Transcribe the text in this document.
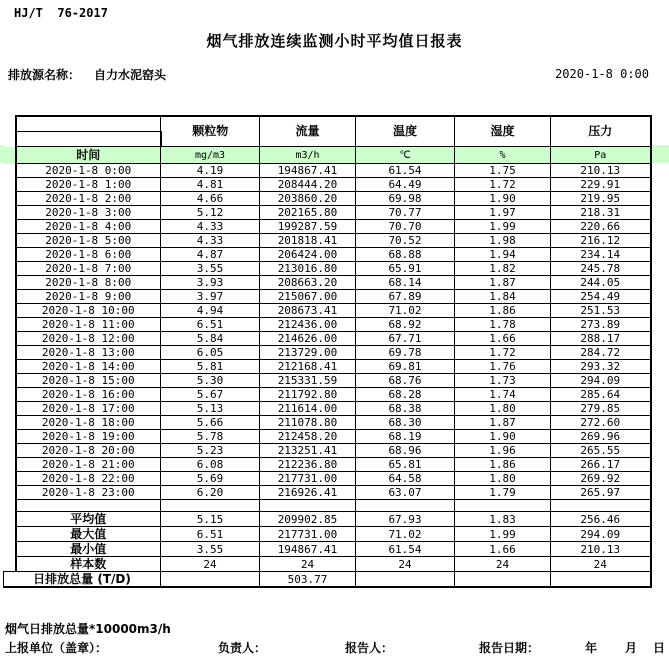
HJ/T  76-2017
烟气排放连续监测小时平均值日报表
排放源名称： 自力水泥窑头	2020-1-8 0:00
		颗粒物	流量	温度	湿度	压力

	时间	mg/m3	m3/h	℃	%	Pa
	2020-1-8 0:00	4.19	194867.41	61.54	1.75	210.13
	2020-1-8 1:00	4.81	208444.20	64.49	1.72	229.91
	2020-1-8 2:00	4.66	203860.20	69.98	1.90	219.95
	2020-1-8 3:00	5.12	202165.80	70.77	1.97	218.31
	2020-1-8 4:00	4.33	199287.59	70.70	1.99	220.66
	2020-1-8 5:00	4.33	201818.41	70.52	1.98	216.12
	2020-1-8 6:00	4.87	206424.00	68.88	1.94	234.14
	2020-1-8 7:00	3.55	213016.80	65.91	1.82	245.78
	2020-1-8 8:00	3.93	208663.20	68.14	1.87	244.05
	2020-1-8 9:00	3.97	215067.00	67.89	1.84	254.49
	2020-1-8 10:00	4.94	208673.41	71.02	1.86	251.53
	2020-1-8 11:00	6.51	212436.00	68.92	1.78	273.89
	2020-1-8 12:00	5.84	214626.00	67.71	1.66	288.17
	2020-1-8 13:00	6.05	213729.00	69.78	1.72	284.72
	2020-1-8 14:00	5.81	212168.41	69.81	1.76	293.32
	2020-1-8 15:00	5.30	215331.59	68.76	1.73	294.09
	2020-1-8 16:00	5.67	211792.80	68.28	1.74	285.64
	2020-1-8 17:00	5.13	211614.00	68.38	1.80	279.85
	2020-1-8 18:00	5.66	211078.80	68.30	1.87	272.60
	2020-1-8 19:00	5.78	212458.20	68.19	1.90	269.96
	2020-1-8 20:00	5.23	213251.41	68.96	1.96	265.55
	2020-1-8 21:00	6.08	212236.80	65.81	1.86	266.17
	2020-1-8 22:00	5.69	217731.00	64.58	1.80	269.92
	2020-1-8 23:00	6.20	216926.41	63.07	1.79	265.97

	平均值	5.15	209902.85	67.93	1.83	256.46
	最大值	6.51	217731.00	71.02	1.99	294.09
	最小值	3.55	194867.41	61.54	1.66	210.13
	样本数	24	24	24	24	24
日排放总量 (T/D)			503.77			
烟气日排放总量*10000m3/h
上报单位（盖章）：	负责人：	报告人：	报告日期：	年 月 日
